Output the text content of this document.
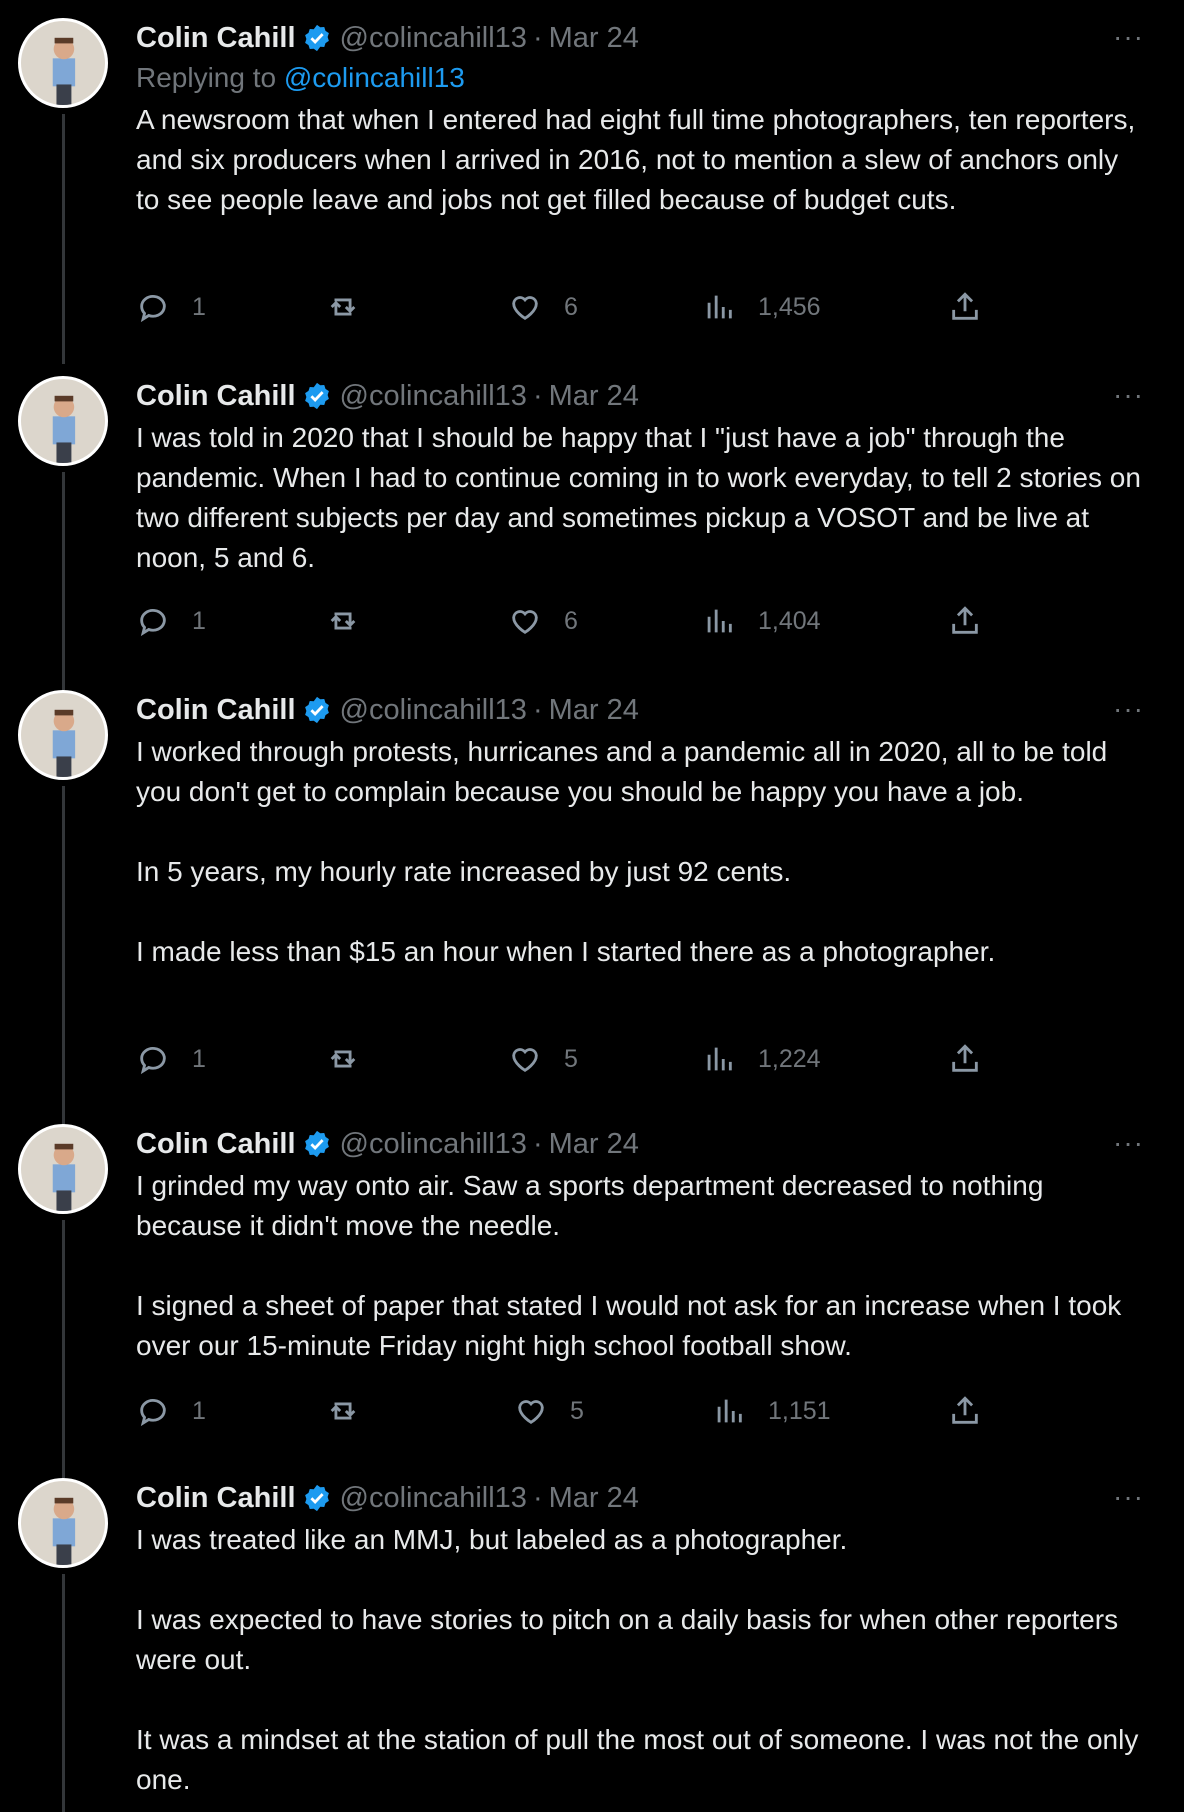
Colin Cahill @colincahill13 · Mar 24	···
Replying to @colincahill13
A newsroom that when I entered had eight full time photographers, ten reporters, and six producers when I arrived in 2016, not to mention a slew of anchors only to see people leave and jobs not get filled because of budget cuts.
1	6	1,456
Colin Cahill @colincahill13 · Mar 24	···
I was told in 2020 that I should be happy that I "just have a job" through the pandemic. When I had to continue coming in to work everyday, to tell 2 stories on two different subjects per day and sometimes pickup a VOSOT and be live at noon, 5 and 6.
1	6	1,404
Colin Cahill @colincahill13 · Mar 24	···
I worked through protests, hurricanes and a pandemic all in 2020, all to be told you don't get to complain because you should be happy you have a job.

In 5 years, my hourly rate increased by just 92 cents.

I made less than $15 an hour when I started there as a photographer.
1	5	1,224
Colin Cahill @colincahill13 · Mar 24	···
I grinded my way onto air. Saw a sports department decreased to nothing because it didn't move the needle.

I signed a sheet of paper that stated I would not ask for an increase when I took over our 15-minute Friday night high school football show.
1	5	1,151
Colin Cahill @colincahill13 · Mar 24	···
I was treated like an MMJ, but labeled as a photographer.

I was expected to have stories to pitch on a daily basis for when other reporters were out.

It was a mindset at the station of pull the most out of someone. I was not the only one.
